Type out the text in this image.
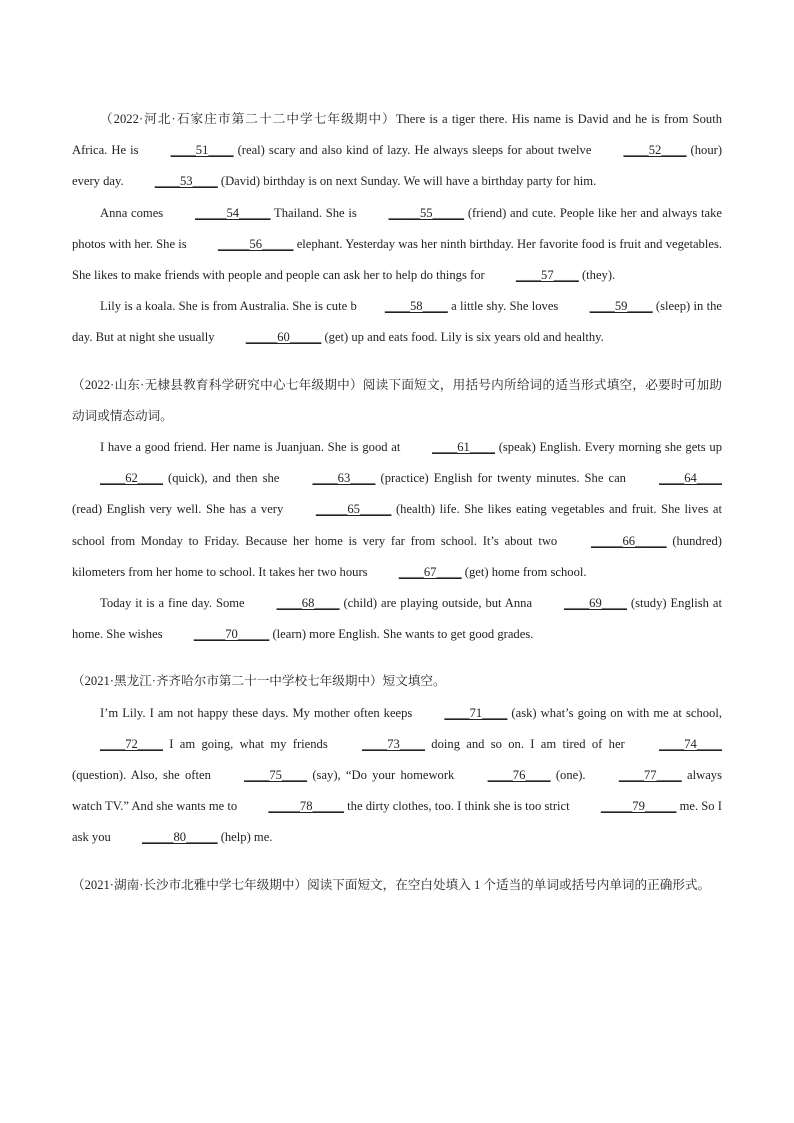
（2022·河北·石家庄市第二十二中学七年级期中）There is a tiger there. His name is David and he is from South Africa. He is ____51____ (real) scary and also kind of lazy. He always sleeps for about twelve ____52____ (hour) every day. ____53____ (David) birthday is on next Sunday. We will have a birthday party for him.

Anna comes _____54_____ Thailand. She is _____55_____ (friend) and cute. People like her and always take photos with her. She is _____56_____ elephant. Yesterday was her ninth birthday. Her favorite food is fruit and vegetables. She likes to make friends with people and people can ask her to help do things for ____57____ (they).

Lily is a koala. She is from Australia. She is cute b ____58____ a little shy. She loves ____59____ (sleep) in the day. But at night she usually _____60_____ (get) up and eats food. Lily is six years old and healthy.

（2022·山东·无棣县教育科学研究中心七年级期中）阅读下面短文，用括号内所给词的适当形式填空，必要时可加助动词或情态动词。

I have a good friend. Her name is Juanjuan. She is good at ____61____ (speak) English. Every morning she gets up ____62____ (quick), and then she ____63____ (practice) English for twenty minutes. She can ____64____ (read) English very well. She has a very _____65_____ (health) life. She likes eating vegetables and fruit. She lives at school from Monday to Friday. Because her home is very far from school. It’s about two _____66_____ (hundred) kilometers from her home to school. It takes her two hours ____67____ (get) home from school.

Today it is a fine day. Some ____68____ (child) are playing outside, but Anna ____69____ (study) English at home. She wishes _____70_____ (learn) more English. She wants to get good grades.

（2021·黑龙江·齐齐哈尔市第二十一中学校七年级期中）短文填空。

I’m Lily. I am not happy these days. My mother often keeps ____71____ (ask) what’s going on with me at school, ____72____ I am going, what my friends ____73____ doing and so on. I am tired of her ____74____ (question). Also, she often ____75____ (say), “Do your homework ____76____ (one). ____77____ always watch TV.” And she wants me to _____78_____ the dirty clothes, too. I think she is too strict _____79_____ me. So I ask you _____80_____ (help) me.

（2021·湖南·长沙市北雅中学七年级期中）阅读下面短文，在空白处填入 1 个适当的单词或括号内单词的正确形式。
